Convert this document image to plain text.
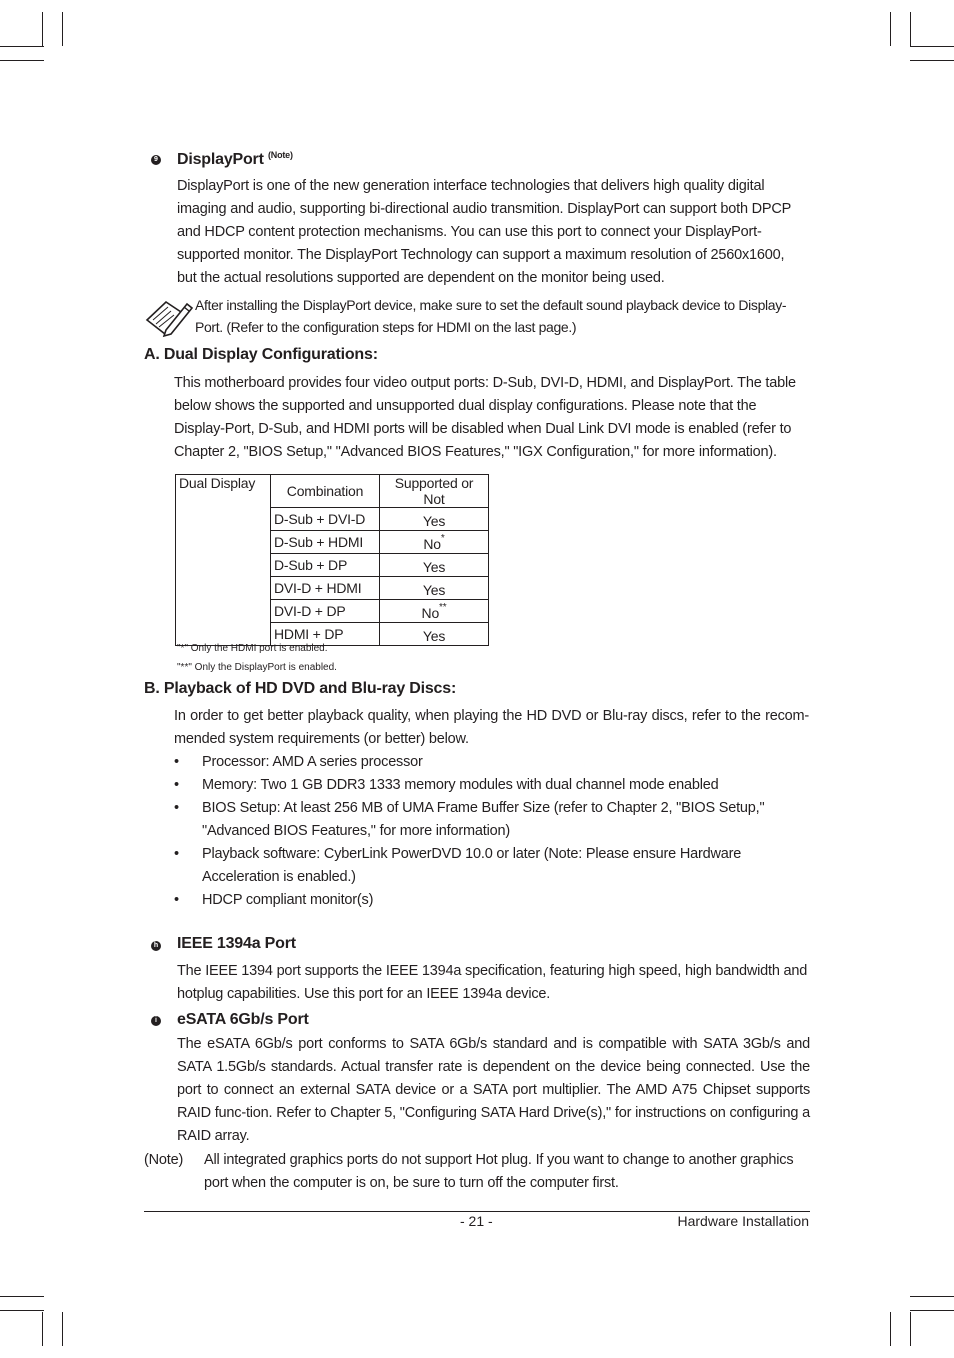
9 DisplayPort $^{(Note)}$
DisplayPort is one of the new generation interface technologies that delivers high quality digital imaging and audio, supporting bi-directional audio transmition. DisplayPort can support both DPCP and HDCP content protection mechanisms. You can use this port to connect your DisplayPort-supported monitor. The DisplayPort Technology can support a maximum resolution of 2560x1600, but the actual resolutions supported are dependent on the monitor being used.
After installing the DisplayPort device, make sure to set the default sound playback device to Display-Port. (Refer to the configuration steps for HDMI on the last page.)
A. Dual Display Configurations:
This motherboard provides four video output ports: D-Sub, DVI-D, HDMI, and DisplayPort. The table below shows the supported and unsupported dual display configurations. Please note that the Display-Port, D-Sub, and HDMI ports will be disabled when Dual Link DVI mode is enabled (refer to Chapter 2, "BIOS Setup," "Advanced BIOS Features," "IGX Configuration," for more information).
Dual Display	Combination	Supported or Not
	D-Sub + DVI-D	Yes
	D-Sub + HDMI	No*
	D-Sub + DP	Yes
	DVI-D + HDMI	Yes
	DVI-D + DP	No**
	HDMI + DP	Yes
"*" Only the HDMI port is enabled.
"**" Only the DisplayPort is enabled.
B. Playback of HD DVD and Blu-ray Discs:
In order to get better playback quality, when playing the HD DVD or Blu-ray discs, refer to the recom-mended system requirements (or better) below.
• Processor: AMD A series processor
• Memory: Two 1 GB DDR3 1333 memory modules with dual channel mode enabled
• BIOS Setup: At least 256 MB of UMA Frame Buffer Size (refer to Chapter 2, "BIOS Setup," "Advanced BIOS Features," for more information)
• Playback software: CyberLink PowerDVD 10.0 or later (Note: Please ensure Hardware Acceleration is enabled.)
• HDCP compliant monitor(s)
h IEEE 1394a Port
The IEEE 1394 port supports the IEEE 1394a specification, featuring high speed, high bandwidth and hotplug capabilities. Use this port for an IEEE 1394a device.
i eSATA 6Gb/s Port
The eSATA 6Gb/s port conforms to SATA 6Gb/s standard and is compatible with SATA 3Gb/s and SATA 1.5Gb/s standards. Actual transfer rate is dependent on the device being connected. Use the port to connect an external SATA device or a SATA port multiplier. The AMD A75 Chipset supports RAID func-tion. Refer to Chapter 5, "Configuring SATA Hard Drive(s)," for instructions on configuring a RAID array.
(Note) All integrated graphics ports do not support Hot plug. If you want to change to another graphics port when the computer is on, be sure to turn off the computer first.
- 21 -	Hardware Installation
